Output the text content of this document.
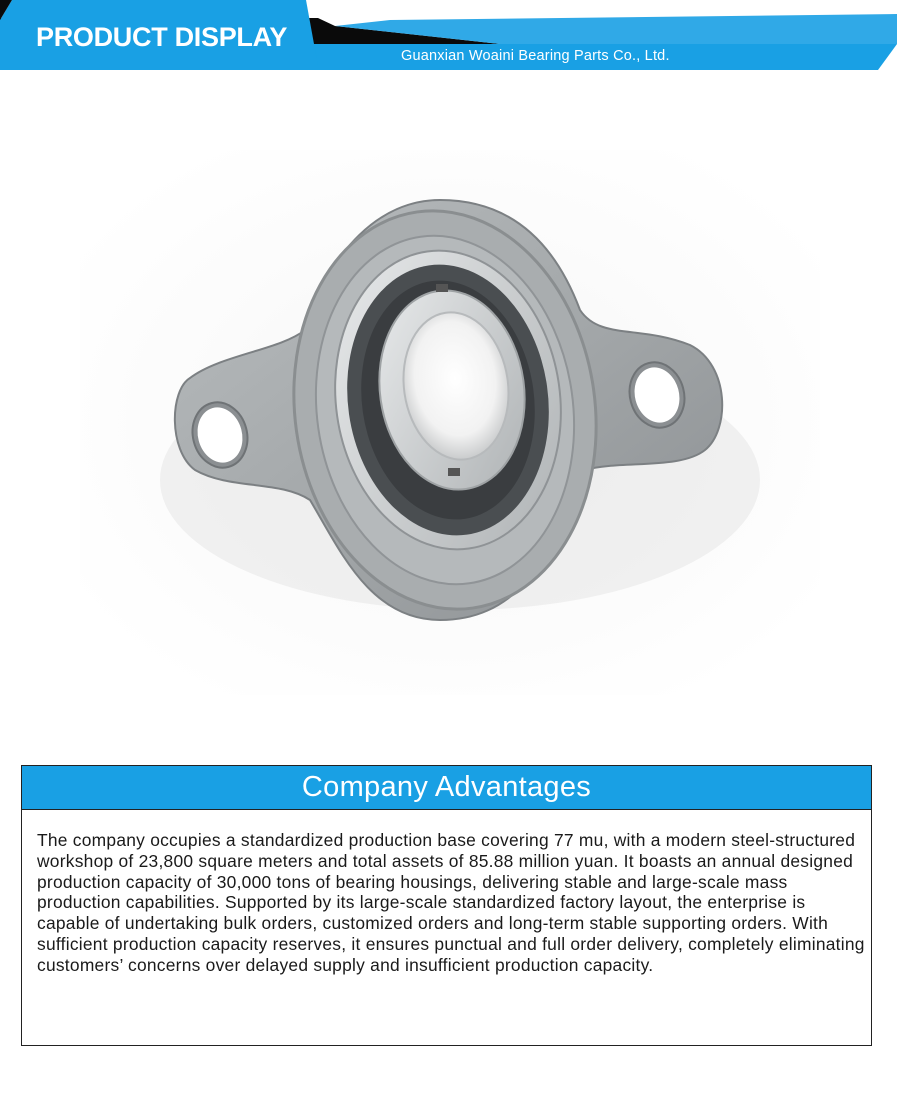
PRODUCT DISPLAY
Guanxian Woaini Bearing Parts Co., Ltd.
Company Advantages
The company occupies a standardized production base covering 77 mu, with a modern steel-structured workshop of 23,800 square meters and total assets of 85.88 million yuan. It boasts an annual designed production capacity of 30,000 tons of bearing housings, delivering stable and large-scale mass production capabilities. Supported by its large-scale standardized factory layout, the enterprise is capable of undertaking bulk orders, customized orders and long-term stable supporting orders. With sufficient production capacity reserves, it ensures punctual and full order delivery, completely eliminating customers’ concerns over delayed supply and insufficient production capacity.
